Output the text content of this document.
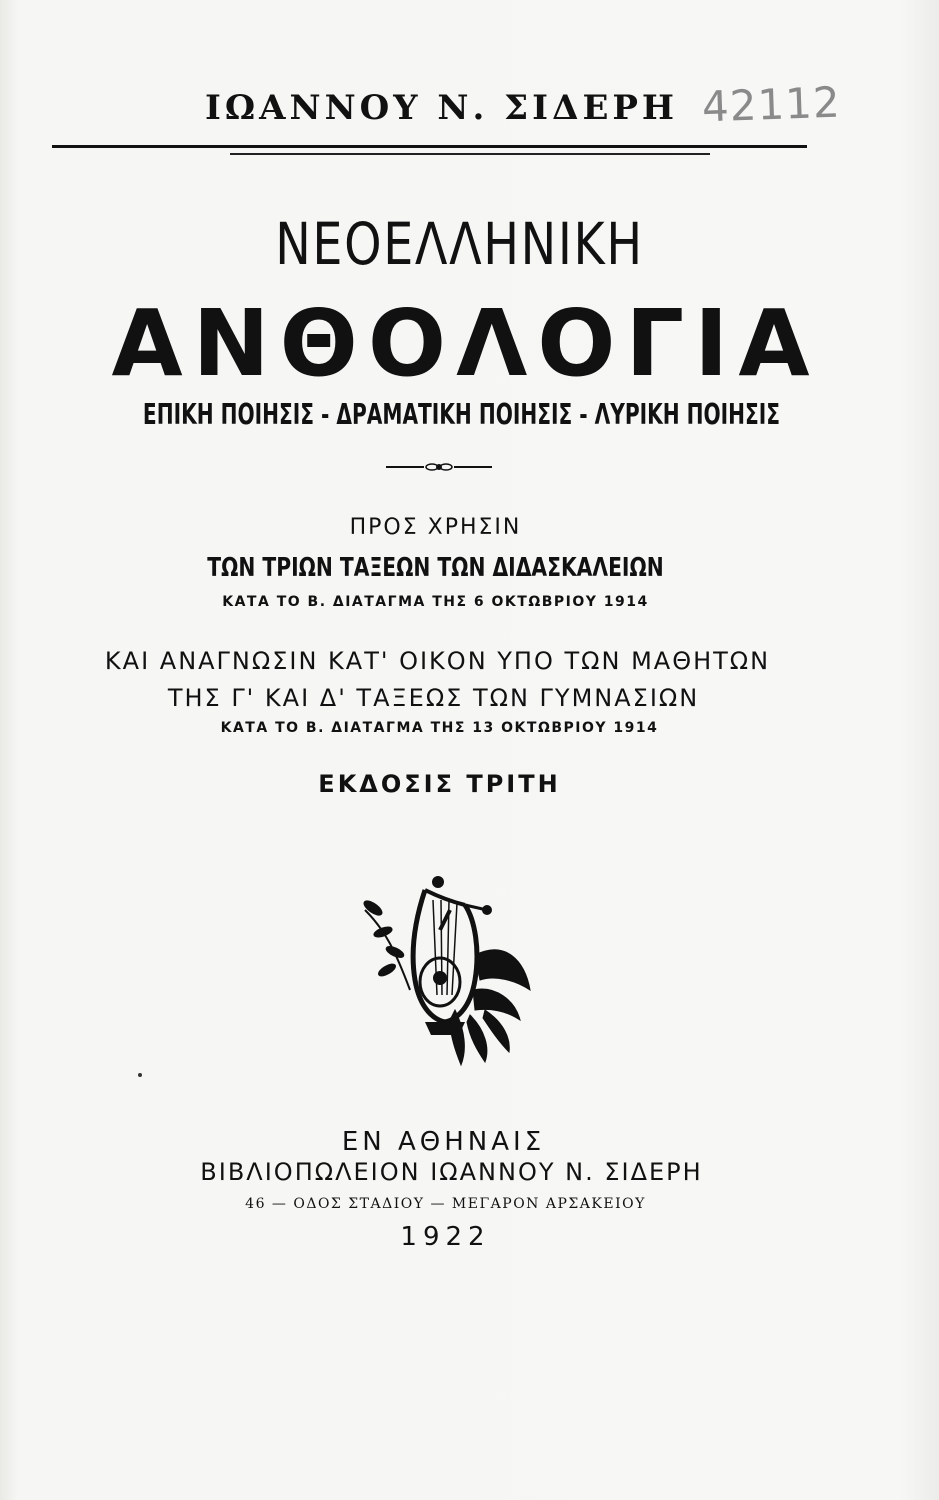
ΙΩΑΝΝΟΥ Ν. ΣΙΔΕΡΗ 42112
ΝΕΟΕΛΛΗΝΙΚΗ
ΑΝΘΟΛΟΓΙΑ
ΕΠΙΚΗ ΠΟΙΗΣΙΣ - ΔΡΑΜΑΤΙΚΗ ΠΟΙΗΣΙΣ - ΛΥΡΙΚΗ ΠΟΙΗΣΙΣ
ΠΡΟΣ ΧΡΗΣΙΝ
ΤΩΝ ΤΡΙΩΝ ΤΑΞΕΩΝ ΤΩΝ ΔΙΔΑΣΚΑΛΕΙΩΝ
ΚΑΤΑ ΤΟ Β. ΔΙΑΤΑΓΜΑ ΤΗΣ 6 ΟΚΤΩΒΡΙΟΥ 1914
ΚΑΙ ΑΝΑΓΝΩΣΙΝ ΚΑΤ' ΟΙΚΟΝ ΥΠΟ ΤΩΝ ΜΑΘΗΤΩΝ
ΤΗΣ Γ' ΚΑΙ Δ' ΤΑΞΕΩΣ ΤΩΝ ΓΥΜΝΑΣΙΩΝ
ΚΑΤΑ ΤΟ Β. ΔΙΑΤΑΓΜΑ ΤΗΣ 13 ΟΚΤΩΒΡΙΟΥ 1914
ΕΚΔΟΣΙΣ ΤΡΙΤΗ
ΕΝ ΑΘΗΝΑΙΣ
ΒΙΒΛΙΟΠΩΛΕΙΟΝ ΙΩΑΝΝΟΥ Ν. ΣΙΔΕΡΗ
46 — ΟΔΟΣ ΣΤΑΔΙΟΥ — ΜΕΓΑΡΟΝ ΑΡΣΑΚΕΙΟΥ
1922
